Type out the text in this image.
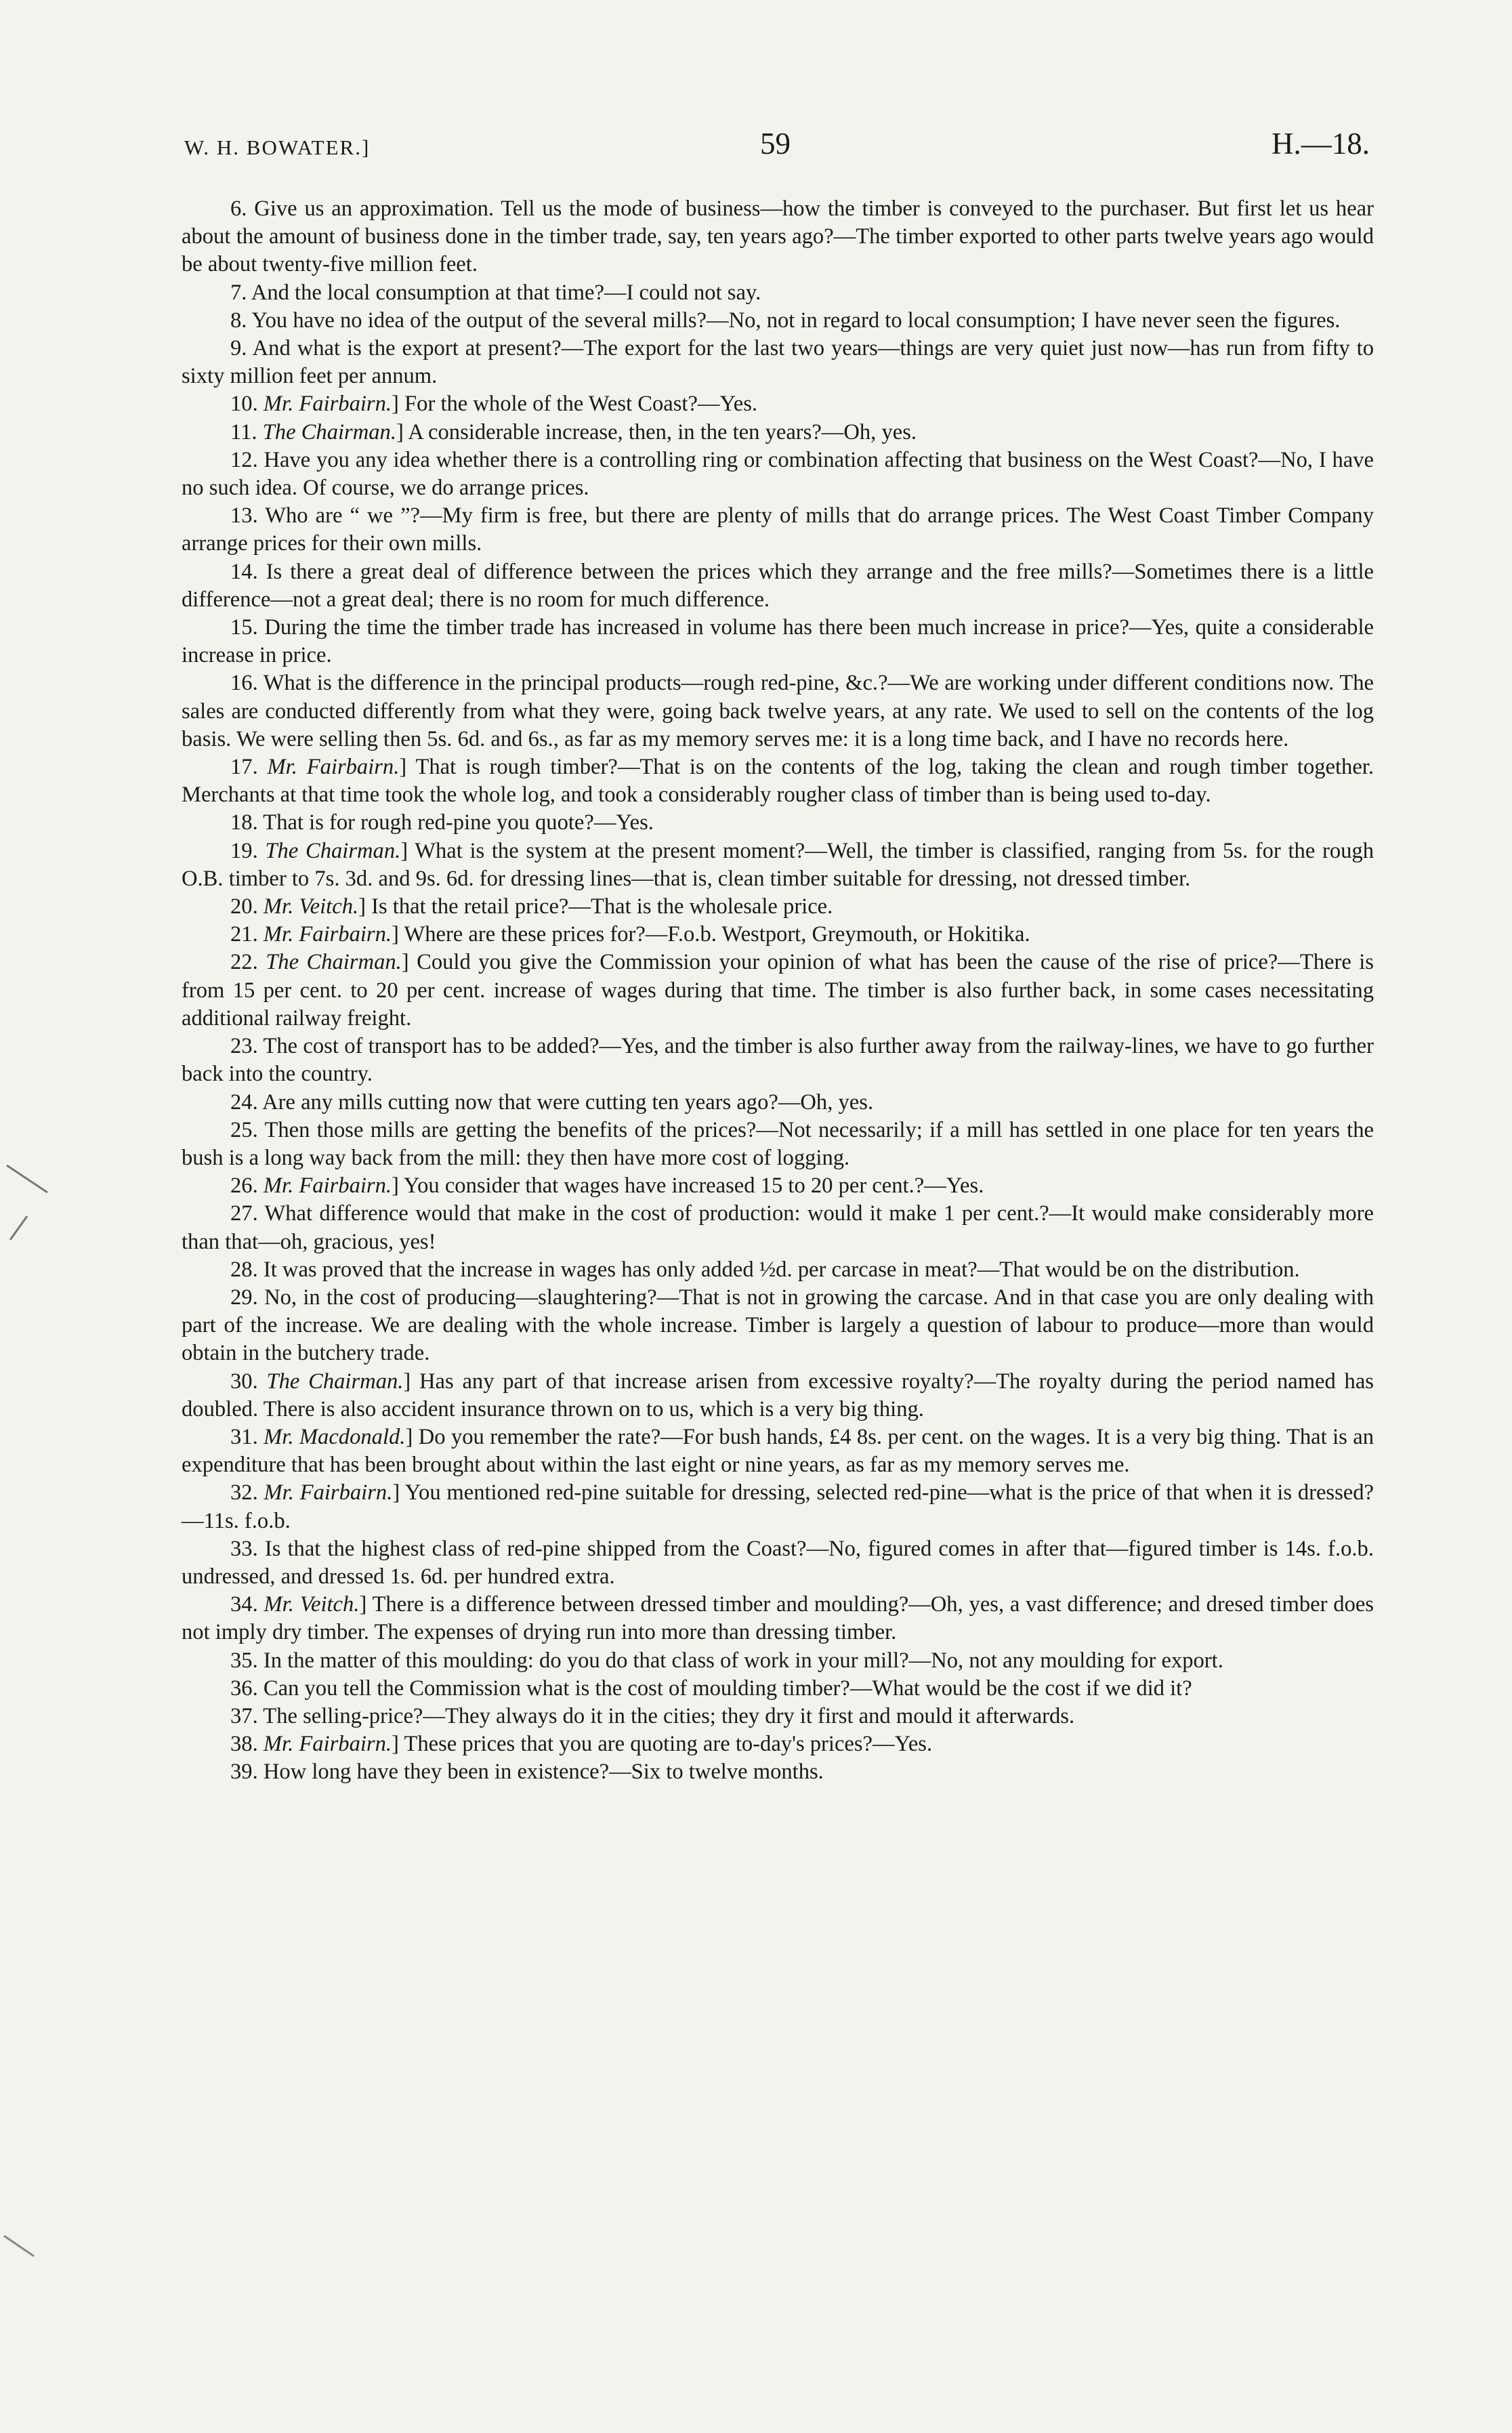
W. H. BOWATER.]	59	H.—18.

6. Give us an approximation. Tell us the mode of business—how the timber is conveyed to the purchaser. But first let us hear about the amount of business done in the timber trade, say, ten years ago?—The timber exported to other parts twelve years ago would be about twenty-five million feet.

7. And the local consumption at that time?—I could not say.

8. You have no idea of the output of the several mills?—No, not in regard to local consumption; I have never seen the figures.

9. And what is the export at present?—The export for the last two years—things are very quiet just now—has run from fifty to sixty million feet per annum.

10. Mr. Fairbairn.] For the whole of the West Coast?—Yes.

11. The Chairman.] A considerable increase, then, in the ten years?—Oh, yes.

12. Have you any idea whether there is a controlling ring or combination affecting that business on the West Coast?—No, I have no such idea. Of course, we do arrange prices.

13. Who are “ we ”?—My firm is free, but there are plenty of mills that do arrange prices. The West Coast Timber Company arrange prices for their own mills.

14. Is there a great deal of difference between the prices which they arrange and the free mills?—Sometimes there is a little difference—not a great deal; there is no room for much difference.

15. During the time the timber trade has increased in volume has there been much increase in price?—Yes, quite a considerable increase in price.

16. What is the difference in the principal products—rough red-pine, &c.?—We are working under different conditions now. The sales are conducted differently from what they were, going back twelve years, at any rate. We used to sell on the contents of the log basis. We were selling then 5s. 6d. and 6s., as far as my memory serves me: it is a long time back, and I have no records here.

17. Mr. Fairbairn.] That is rough timber?—That is on the contents of the log, taking the clean and rough timber together. Merchants at that time took the whole log, and took a considerably rougher class of timber than is being used to-day.

18. That is for rough red-pine you quote?—Yes.

19. The Chairman.] What is the system at the present moment?—Well, the timber is classified, ranging from 5s. for the rough O.B. timber to 7s. 3d. and 9s. 6d. for dressing lines—that is, clean timber suitable for dressing, not dressed timber.

20. Mr. Veitch.] Is that the retail price?—That is the wholesale price.

21. Mr. Fairbairn.] Where are these prices for?—F.o.b. Westport, Greymouth, or Hokitika.

22. The Chairman.] Could you give the Commission your opinion of what has been the cause of the rise of price?—There is from 15 per cent. to 20 per cent. increase of wages during that time. The timber is also further back, in some cases necessitating additional railway freight.

23. The cost of transport has to be added?—Yes, and the timber is also further away from the railway-lines, we have to go further back into the country.

24. Are any mills cutting now that were cutting ten years ago?—Oh, yes.

25. Then those mills are getting the benefits of the prices?—Not necessarily; if a mill has settled in one place for ten years the bush is a long way back from the mill: they then have more cost of logging.

26. Mr. Fairbairn.] You consider that wages have increased 15 to 20 per cent.?—Yes.

27. What difference would that make in the cost of production: would it make 1 per cent.?—It would make considerably more than that—oh, gracious, yes!

28. It was proved that the increase in wages has only added ½d. per carcase in meat?—That would be on the distribution.

29. No, in the cost of producing—slaughtering?—That is not in growing the carcase. And in that case you are only dealing with part of the increase. We are dealing with the whole increase. Timber is largely a question of labour to produce—more than would obtain in the butchery trade.

30. The Chairman.] Has any part of that increase arisen from excessive royalty?—The royalty during the period named has doubled. There is also accident insurance thrown on to us, which is a very big thing.

31. Mr. Macdonald.] Do you remember the rate?—For bush hands, £4 8s. per cent. on the wages. It is a very big thing. That is an expenditure that has been brought about within the last eight or nine years, as far as my memory serves me.

32. Mr. Fairbairn.] You mentioned red-pine suitable for dressing, selected red-pine—what is the price of that when it is dressed?—11s. f.o.b.

33. Is that the highest class of red-pine shipped from the Coast?—No, figured comes in after that—figured timber is 14s. f.o.b. undressed, and dressed 1s. 6d. per hundred extra.

34. Mr. Veitch.] There is a difference between dressed timber and moulding?—Oh, yes, a vast difference; and dresed timber does not imply dry timber. The expenses of drying run into more than dressing timber.

35. In the matter of this moulding: do you do that class of work in your mill?—No, not any moulding for export.

36. Can you tell the Commission what is the cost of moulding timber?—What would be the cost if we did it?

37. The selling-price?—They always do it in the cities; they dry it first and mould it afterwards.

38. Mr. Fairbairn.] These prices that you are quoting are to-day's prices?—Yes.

39. How long have they been in existence?—Six to twelve months.
